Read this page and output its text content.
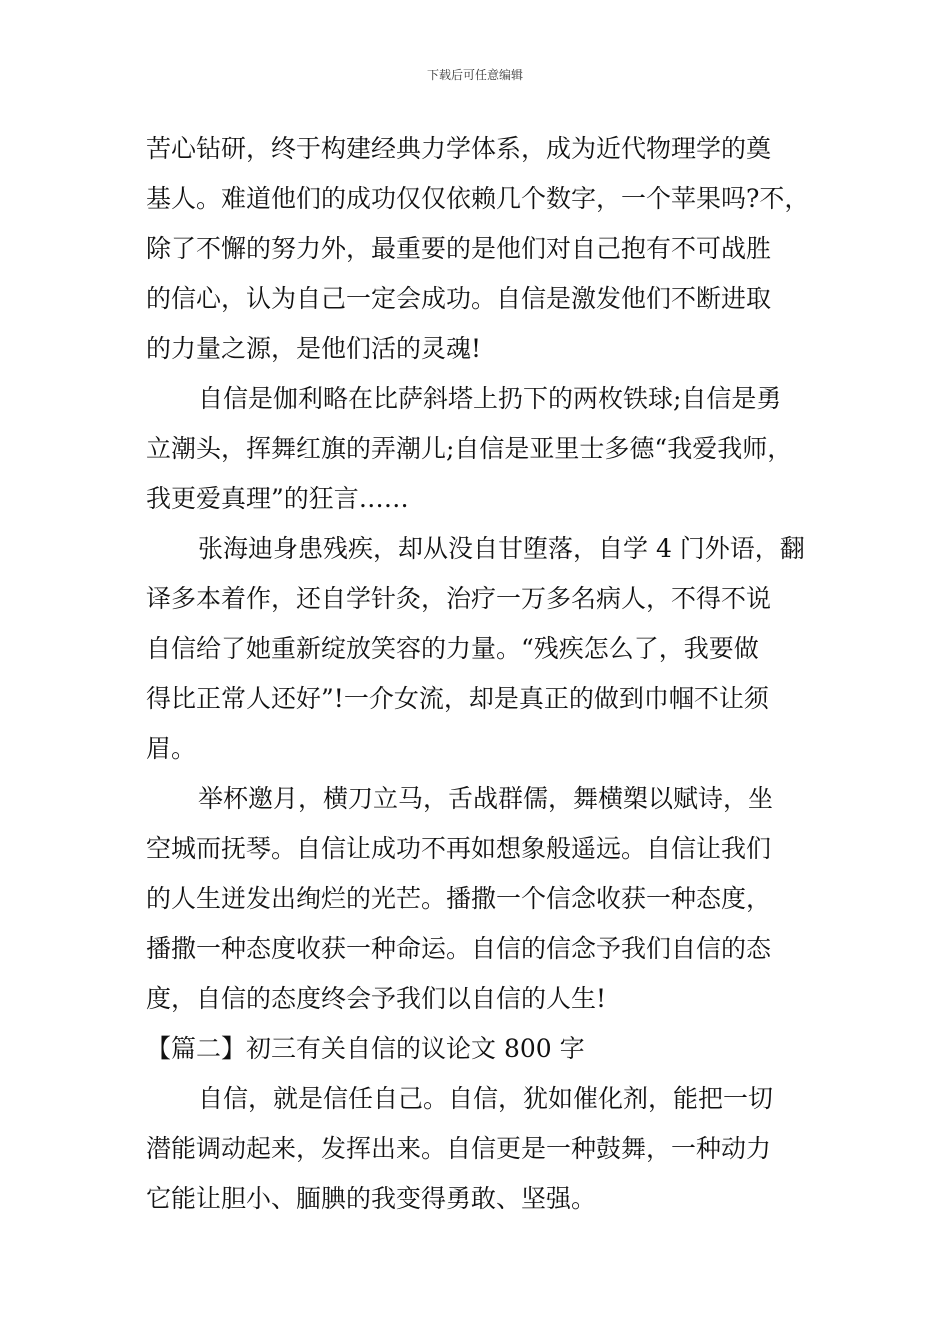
下载后可任意编辑
苦心钻研，终于构建经典力学体系，成为近代物理学的奠
基人。难道他们的成功仅仅依赖几个数字，一个苹果吗?不，
除了不懈的努力外，最重要的是他们对自己抱有不可战胜
的信心，认为自己一定会成功。自信是激发他们不断进取
的力量之源，是他们活的灵魂!
自信是伽利略在比萨斜塔上扔下的两枚铁球;自信是勇
立潮头，挥舞红旗的弄潮儿;自信是亚里士多德“我爱我师，
我更爱真理”的狂言……
张海迪身患残疾，却从没自甘堕落，自学 4 门外语，翻
译多本着作，还自学针灸，治疗一万多名病人，不得不说
自信给了她重新绽放笑容的力量。“残疾怎么了，我要做
得比正常人还好”!一介女流，却是真正的做到巾帼不让须
眉。
举杯邀月，横刀立马，舌战群儒，舞横槊以赋诗，坐
空城而抚琴。自信让成功不再如想象般遥远。自信让我们
的人生迸发出绚烂的光芒。播撒一个信念收获一种态度，
播撒一种态度收获一种命运。自信的信念予我们自信的态
度，自信的态度终会予我们以自信的人生!
【篇二】初三有关自信的议论文 800 字
自信，就是信任自己。自信，犹如催化剂，能把一切
潜能调动起来，发挥出来。自信更是一种鼓舞，一种动力
它能让胆小、腼腆的我变得勇敢、坚强。
